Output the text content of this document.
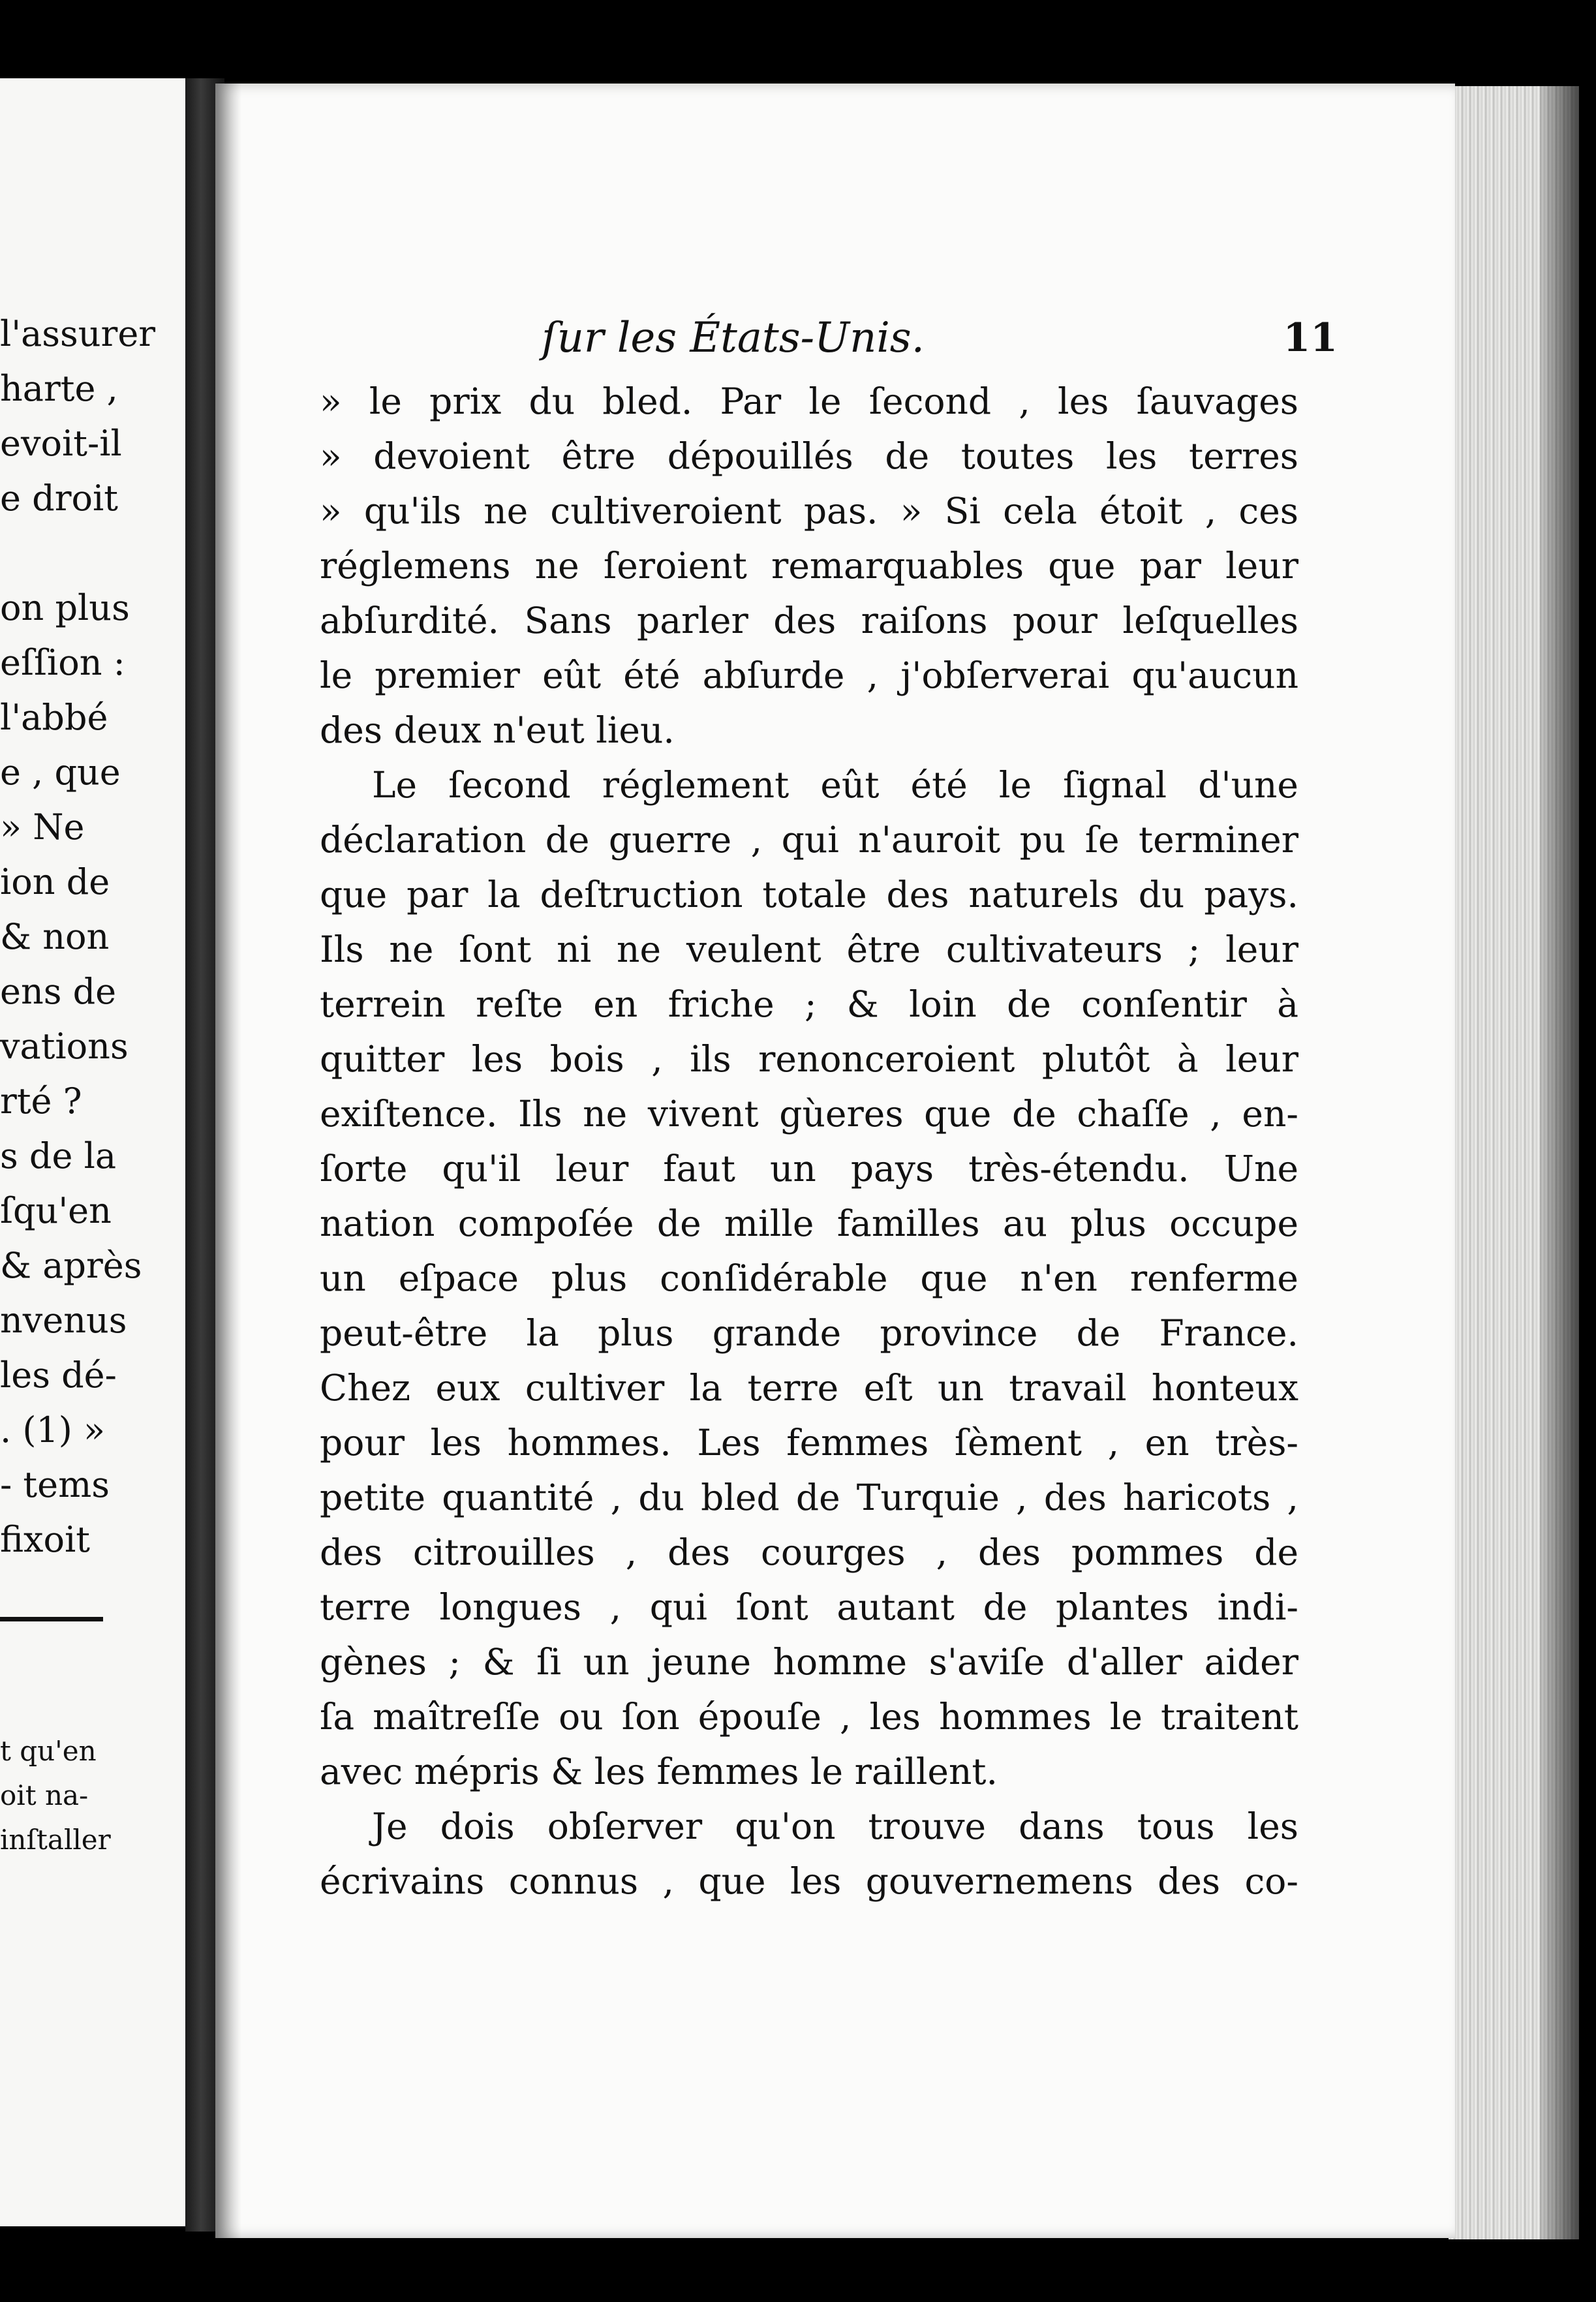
l'assurer
harte ,
evoit-il
e droit
on plus
eſſion :
l'abbé
e , que
» Ne
ion de
& non
ens de
vations
rté ?
s de la
ſqu'en
& après
nvenus
les dé-
. (1) »
- tems
fixoit
t qu'en
oit na-
inſtaller
ſur les États-Unis.	11
» le prix du bled. Par le ſecond , les ſauvages
» devoient être dépouillés de toutes les terres
» qu'ils ne cultiveroient pas. » Si cela étoit , ces
réglemens ne ſeroient remarquables que par leur
abſurdité. Sans parler des raiſons pour leſquelles
le premier eût été abſurde , j'obſerverai qu'aucun
des deux n'eut lieu.
Le ſecond réglement eût été le ſignal d'une
déclaration de guerre , qui n'auroit pu ſe terminer
que par la deſtruction totale des naturels du pays.
Ils ne ſont ni ne veulent être cultivateurs ; leur
terrein reſte en friche ; & loin de conſentir à
quitter les bois , ils renonceroient plutôt à leur
exiſtence. Ils ne vivent gùeres que de chaſſe , en-
ſorte qu'il leur faut un pays très-étendu. Une
nation compoſée de mille familles au plus occupe
un eſpace plus conſidérable que n'en renferme
peut-être la plus grande province de France.
Chez eux cultiver la terre eſt un travail honteux
pour les hommes. Les femmes ſèment , en très-
petite quantité , du bled de Turquie , des haricots ,
des citrouilles , des courges , des pommes de
terre longues , qui ſont autant de plantes indi-
gènes ; & ſi un jeune homme s'aviſe d'aller aider
ſa maîtreſſe ou ſon épouſe , les hommes le traitent
avec mépris & les femmes le raillent.
Je dois obſerver qu'on trouve dans tous les
écrivains connus , que les gouvernemens des co-
